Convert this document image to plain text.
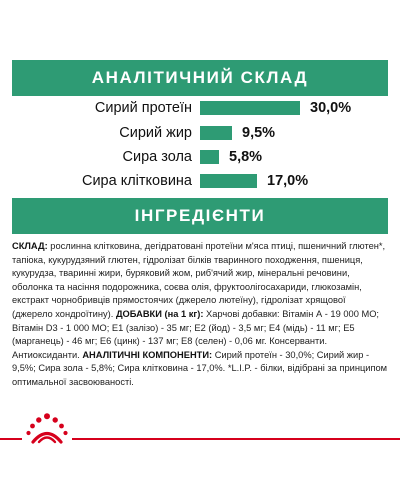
АНАЛІТИЧНИЙ СКЛАД
Сирий протеїн	30,0%
Сирий жир	9,5%
Сира зола	5,8%
Сира клітковина	17,0%
ІНГРЕДІЄНТИ
СКЛАД: рослинна клітковина, дегідратовані протеїни м'яса птиці, пшеничний глютен*, тапіока, кукурудзяний глютен, гідролізат білків тваринного походження, пшениця, кукурудза, тваринні жири, буряковий жом, риб'ячий жир, мінеральні речовини, оболонка та насіння подорожника, соєва олія, фруктоолігосахариди, глюкозамін, екстракт чорнобривців прямостоячих (джерело лютеїну), гідролізат хрящової (джерело хондроїтину). ДОБАВКИ (на 1 кг): Харчові добавки: Вітамін А - 19 000 МО; Вітамін D3 - 1 000 МО; E1 (залізо) - 35 мг; E2 (йод) - 3,5 мг; E4 (мідь) - 11 мг; E5 (марганець) - 46 мг; E6 (цинк) - 137 мг; E8 (селен) - 0,06 мг. Консерванти. Антиоксиданти. АНАЛІТИЧНІ КОМПОНЕНТИ: Сирий протеїн - 30,0%; Сирий жир - 9,5%; Сира зола - 5,8%; Сира клітковина - 17,0%. *L.I.P. - білки, відібрані за принципом оптимальної засвоюваності.
